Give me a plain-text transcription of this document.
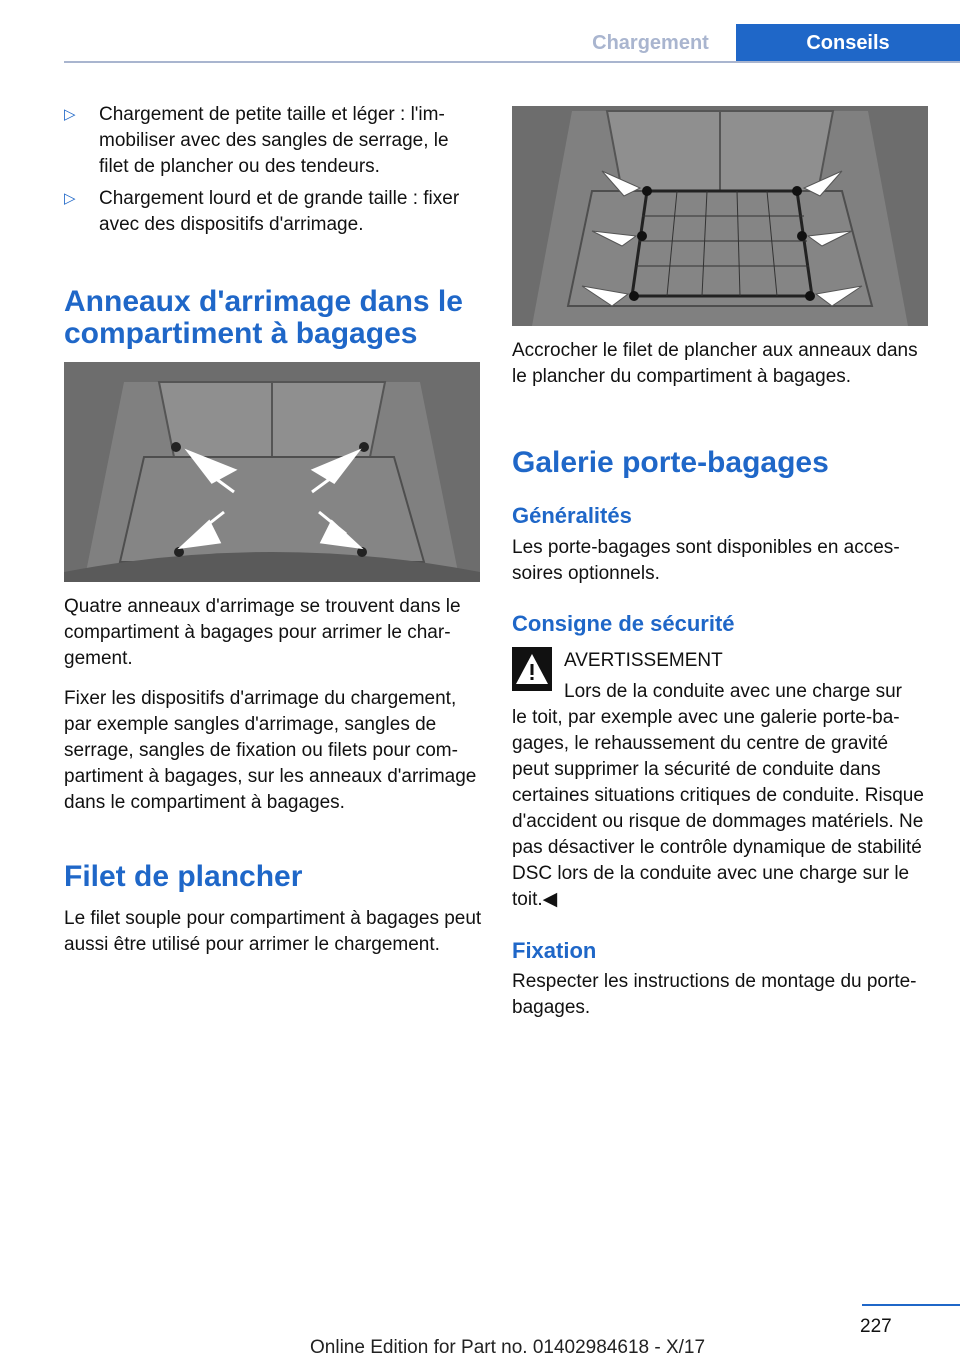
Chargement	Conseils
▷ Chargement de petite taille et léger : l'immobiliser avec des sangles de serrage, le filet de plancher ou des tendeurs.
▷ Chargement lourd et de grande taille : fixer avec des dispositifs d'arrimage.
Anneaux d'arrimage dans le compartiment à bagages

Quatre anneaux d'arrimage se trouvent dans le compartiment à bagages pour arrimer le chargement.

Fixer les dispositifs d'arrimage du chargement, par exemple sangles d'arrimage, sangles de serrage, sangles de fixation ou filets pour compartiment à bagages, sur les anneaux d'arrimage dans le compartiment à bagages.

Filet de plancher

Le filet souple pour compartiment à bagages peut aussi être utilisé pour arrimer le chargement.

Accrocher le filet de plancher aux anneaux dans le plancher du compartiment à bagages.

Galerie porte-bagages
Généralités

Les porte-bagages sont disponibles en accessoires optionnels.

Consigne de sécurité

AVERTISSEMENT

Lors de la conduite avec une charge sur

le toit, par exemple avec une galerie porte-bagages, le rehaussement du centre de gravité peut supprimer la sécurité de conduite dans certaines situations critiques de conduite. Risque d'accident ou risque de dommages matériels. Ne pas désactiver le contrôle dynamique de stabilité DSC lors de la conduite avec une charge sur le toit.◀

Fixation

Respecter les instructions de montage du porte-bagages.

227
Online Edition for Part no. 01402984618 - X/17
